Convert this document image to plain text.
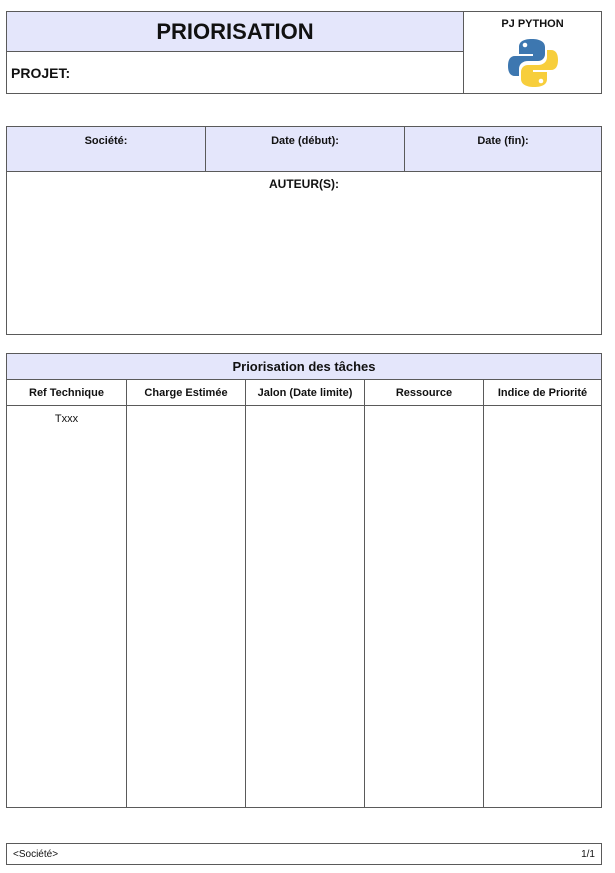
PRIORISATION
PROJET:
PJ PYTHON
Société:	Date (début):	Date (fin):
AUTEUR(S):
Priorisation des tâches
Ref Technique	Charge Estimée	Jalon (Date limite)	Ressource	Indice de Priorité
Txxx
<Société>	1/1
